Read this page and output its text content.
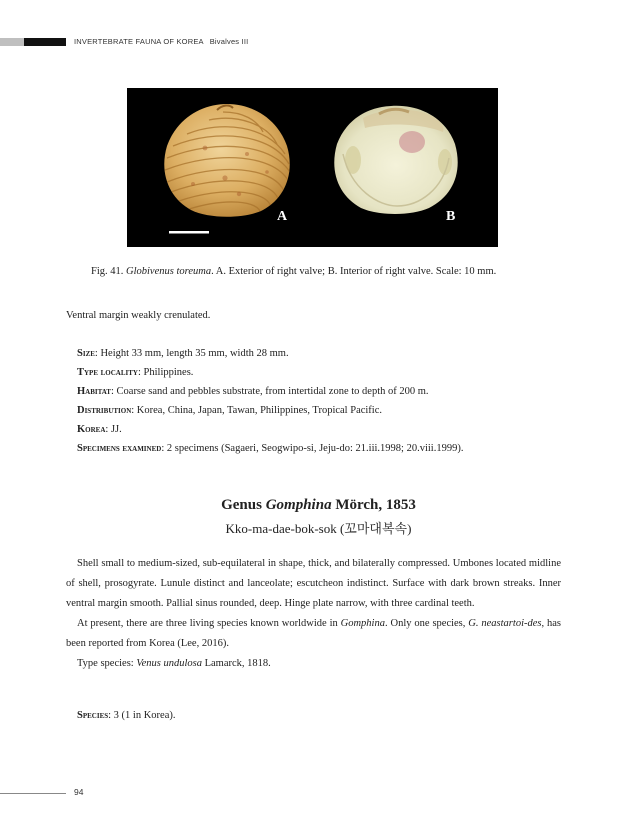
INVERTEBRATE FAUNA OF KOREA Bivalves III
A	B
Fig. 41. Globivenus toreuma. A. Exterior of right valve; B. Interior of right valve. Scale: 10 mm.
Ventral margin weakly crenulated.
Size: Height 33 mm, length 35 mm, width 28 mm.
Type locality: Philippines.
Habitat: Coarse sand and pebbles substrate, from intertidal zone to depth of 200 m.
Distribution: Korea, China, Japan, Tawan, Philippines, Tropical Pacific.
Korea: JJ.
Specimens examined: 2 specimens (Sagaeri, Seogwipo-si, Jeju-do: 21.iii.1998; 20.viii.1999).
Genus Gomphina Mörch, 1853
Kko-ma-dae-bok-sok (꼬마대복속)

Shell small to medium-sized, sub-equilateral in shape, thick, and bilaterally compressed. Umbones located midline of shell, prosogyrate. Lunule distinct and lanceolate; escutcheon indistinct. Surface with dark brown streaks. Inner ventral margin smooth. Pallial sinus rounded, deep. Hinge plate narrow, with three cardinal teeth.

At present, there are three living species known worldwide in Gomphina. Only one species, G. neastartoi-des, has been reported from Korea (Lee, 2016).

Type species: Venus undulosa Lamarck, 1818.

Species: 3 (1 in Korea).
94
